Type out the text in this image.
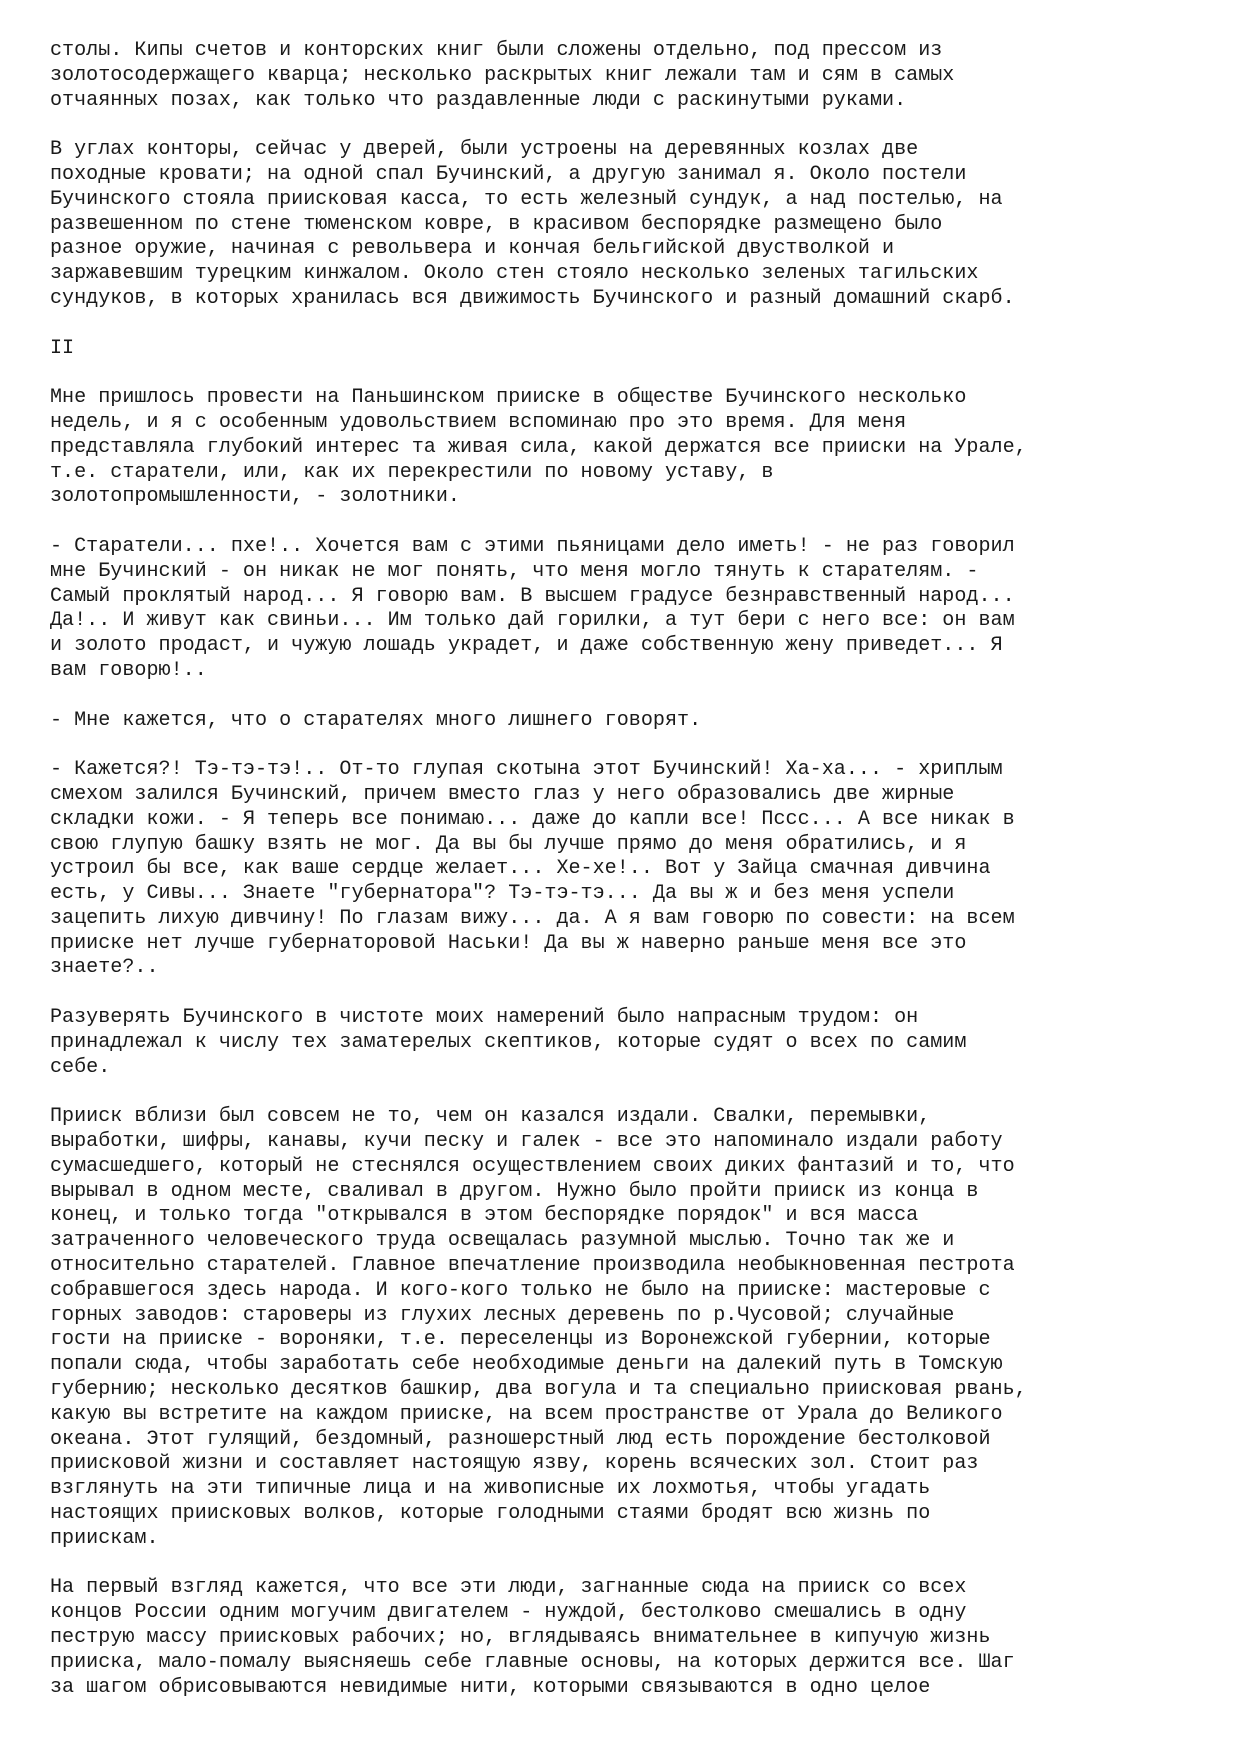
столы. Кипы счетов и конторских книг были сложены отдельно, под прессом из
золотосодержащего кварца; несколько раскрытых книг лежали там и сям в самых
отчаянных позах, как только что раздавленные люди с раскинутыми руками.

В углах конторы, сейчас у дверей, были устроены на деревянных козлах две
походные кровати; на одной спал Бучинский, а другую занимал я. Около постели
Бучинского стояла приисковая касса, то есть железный сундук, а над постелью, на
развешенном по стене тюменском ковре, в красивом беспорядке размещено было
разное оружие, начиная с револьвера и кончая бельгийской двустволкой и
заржавевшим турецким кинжалом. Около стен стояло несколько зеленых тагильских
сундуков, в которых хранилась вся движимость Бучинского и разный домашний скарб.

II

Мне пришлось провести на Паньшинском прииске в обществе Бучинского несколько
недель, и я с особенным удовольствием вспоминаю про это время. Для меня
представляла глубокий интерес та живая сила, какой держатся все прииски на Урале,
т.е. старатели, или, как их перекрестили по новому уставу, в
золотопромышленности, - золотники.

- Старатели... пхе!.. Хочется вам с этими пьяницами дело иметь! - не раз говорил
мне Бучинский - он никак не мог понять, что меня могло тянуть к старателям. -
Самый проклятый народ... Я говорю вам. В высшем градусе безнравственный народ...
Да!.. И живут как свиньи... Им только дай горилки, а тут бери с него все: он вам
и золото продаст, и чужую лошадь украдет, и даже собственную жену приведет... Я
вам говорю!..

- Мне кажется, что о старателях много лишнего говорят.

- Кажется?! Тэ-тэ-тэ!.. От-то глупая скотына этот Бучинский! Ха-ха... - хриплым
смехом залился Бучинский, причем вместо глаз у него образовались две жирные
складки кожи. - Я теперь все понимаю... даже до капли все! Пссс... А все никак в
свою глупую башку взять не мог. Да вы бы лучше прямо до меня обратились, и я
устроил бы все, как ваше сердце желает... Хе-хе!.. Вот у Зайца смачная дивчина
есть, у Сивы... Знаете "губернатора"? Тэ-тэ-тэ... Да вы ж и без меня успели
зацепить лихую дивчину! По глазам вижу... да. А я вам говорю по совести: на всем
прииске нет лучше губернаторовой Наськи! Да вы ж наверно раньше меня все это
знаете?..

Разуверять Бучинского в чистоте моих намерений было напрасным трудом: он
принадлежал к числу тех заматерелых скептиков, которые судят о всех по самим
себе.

Прииск вблизи был совсем не то, чем он казался издали. Свалки, перемывки,
выработки, шифры, канавы, кучи песку и галек - все это напоминало издали работу
сумасшедшего, который не стеснялся осуществлением своих диких фантазий и то, что
вырывал в одном месте, сваливал в другом. Нужно было пройти прииск из конца в
конец, и только тогда "открывался в этом беспорядке порядок" и вся масса
затраченного человеческого труда освещалась разумной мыслью. Точно так же и
относительно старателей. Главное впечатление производила необыкновенная пестрота
собравшегося здесь народа. И кого-кого только не было на прииске: мастеровые с
горных заводов: староверы из глухих лесных деревень по р.Чусовой; случайные
гости на прииске - вороняки, т.е. переселенцы из Воронежской губернии, которые
попали сюда, чтобы заработать себе необходимые деньги на далекий путь в Томскую
губернию; несколько десятков башкир, два вогула и та специально приисковая рвань,
какую вы встретите на каждом прииске, на всем пространстве от Урала до Великого
океана. Этот гулящий, бездомный, разношерстный люд есть порождение бестолковой
приисковой жизни и составляет настоящую язву, корень всяческих зол. Стоит раз
взглянуть на эти типичные лица и на живописные их лохмотья, чтобы угадать
настоящих приисковых волков, которые голодными стаями бродят всю жизнь по
приискам.

На первый взгляд кажется, что все эти люди, загнанные сюда на прииск со всех
концов России одним могучим двигателем - нуждой, бестолково смешались в одну
пеструю массу приисковых рабочих; но, вглядываясь внимательнее в кипучую жизнь
прииска, мало-помалу выясняешь себе главные основы, на которых держится все. Шаг
за шагом обрисовываются невидимые нити, которыми связываются в одно целое
